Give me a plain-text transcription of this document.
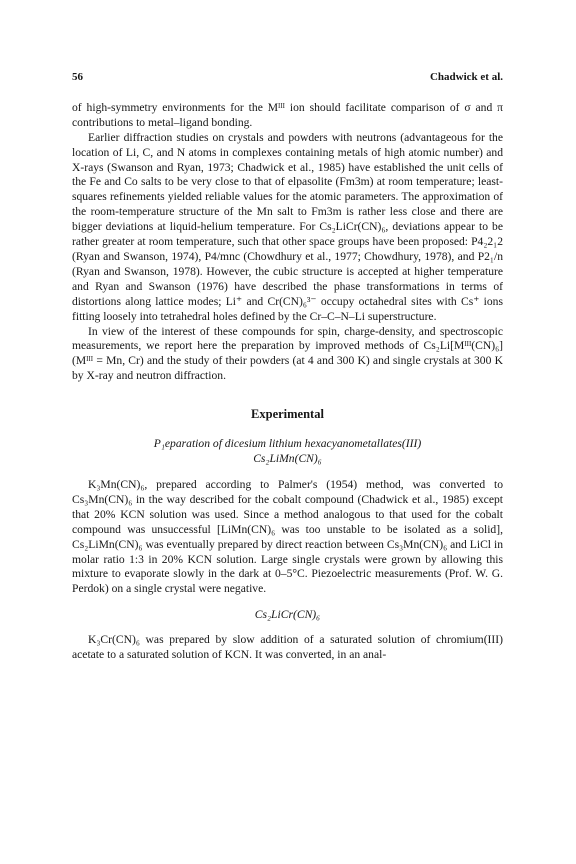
56	Chadwick et al.

of high-symmetry environments for the Mᴵᴵᴵ ion should facilitate comparison of σ and π contributions to metal–ligand bonding.

Earlier diffraction studies on crystals and powders with neutrons (advantageous for the location of Li, C, and N atoms in complexes containing metals of high atomic number) and X-rays (Swanson and Ryan, 1973; Chadwick et al., 1985) have established the unit cells of the Fe and Co salts to be very close to that of elpasolite (Fm3m) at room temperature; least-squares refinements yielded reliable values for the atomic parameters. The approximation of the room-temperature structure of the Mn salt to Fm3m is rather less close and there are bigger deviations at liquid-helium temperature. For Cs₂LiCr(CN)₆, deviations appear to be rather greater at room temperature, such that other space groups have been proposed: P4₂2₁2 (Ryan and Swanson, 1974), P4/mnc (Chowdhury et al., 1977; Chowdhury, 1978), and P2₁/n (Ryan and Swanson, 1978). However, the cubic structure is accepted at higher temperature and Ryan and Swanson (1976) have described the phase transformations in terms of distortions along lattice modes; Li⁺ and Cr(CN)₆³⁻ occupy octahedral sites with Cs⁺ ions fitting loosely into tetrahedral holes defined by the Cr–C–N–Li superstructure.

In view of the interest of these compounds for spin, charge-density, and spectroscopic measurements, we report here the preparation by improved methods of Cs₂Li[Mᴵᴵᴵ(CN)₆] (Mᴵᴵᴵ = Mn, Cr) and the study of their powders (at 4 and 300 K) and single crystals at 300 K by X-ray and neutron diffraction.

Experimental
P₁eparation of dicesium lithium hexacyanometallates(III)
Cs₂LiMn(CN)₆

K₃Mn(CN)₆, prepared according to Palmer's (1954) method, was converted to Cs₃Mn(CN)₆ in the way described for the cobalt compound (Chadwick et al., 1985) except that 20% KCN solution was used. Since a method analogous to that used for the cobalt compound was unsuccessful [LiMn(CN)₆ was too unstable to be isolated as a solid], Cs₂LiMn(CN)₆ was eventually prepared by direct reaction between Cs₃Mn(CN)₆ and LiCl in molar ratio 1:3 in 20% KCN solution. Large single crystals were grown by allowing this mixture to evaporate slowly in the dark at 0–5°C. Piezoelectric measurements (Prof. W. G. Perdok) on a single crystal were negative.

Cs₂LiCr(CN)₆

K₃Cr(CN)₆ was prepared by slow addition of a saturated solution of chromium(III) acetate to a saturated solution of KCN. It was converted, in an anal-
